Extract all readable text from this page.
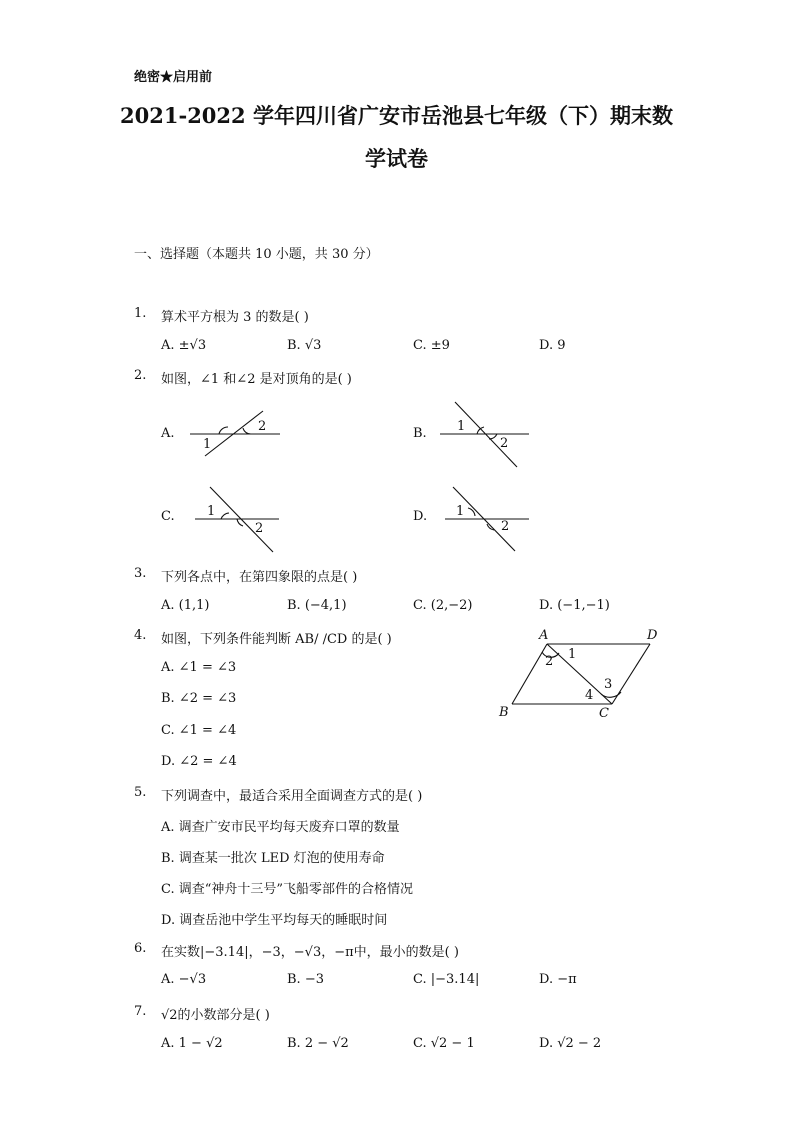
绝密★启用前
2021-2022 学年四川省广安市岳池县七年级（下）期末数
学试卷
一、选择题（本题共 10 小题，共 30 分）
1. 算术平方根为 3 的数是( )
A. ±√3	B. √3	C. ±9	D. 9
2. 如图，∠1 和∠2 是对顶角的是( )
A.
1
2	B. 1
2
C. 1
2
D. 1
2
3. 下列各点中，在第四象限的点是( )
A. (1,1)	B. (−4,1)	C. (2,−2)	D. (−1,−1)
4. 如图，下列条件能判断 AB/ /CD 的是( )
A. ∠1 = ∠3
B. ∠2 = ∠3
C. ∠1 = ∠4
D. ∠2 = ∠4
A	D
B	C
2 1
4
3
5. 下列调查中，最适合采用全面调查方式的是( )
A. 调查广安市民平均每天废弃口罩的数量
B. 调查某一批次 LED 灯泡的使用寿命
C. 调查“神舟十三号”飞船零部件的合格情况
D. 调查岳池中学生平均每天的睡眠时间
6. 在实数|−3.14|，−3，−√3，−π中，最小的数是( )
A. −√3	B. −3	C. |−3.14|	D. −π
7. √2的小数部分是( )
A. 1 − √2	B. 2 − √2	C. √2 − 1	D. √2 − 2
